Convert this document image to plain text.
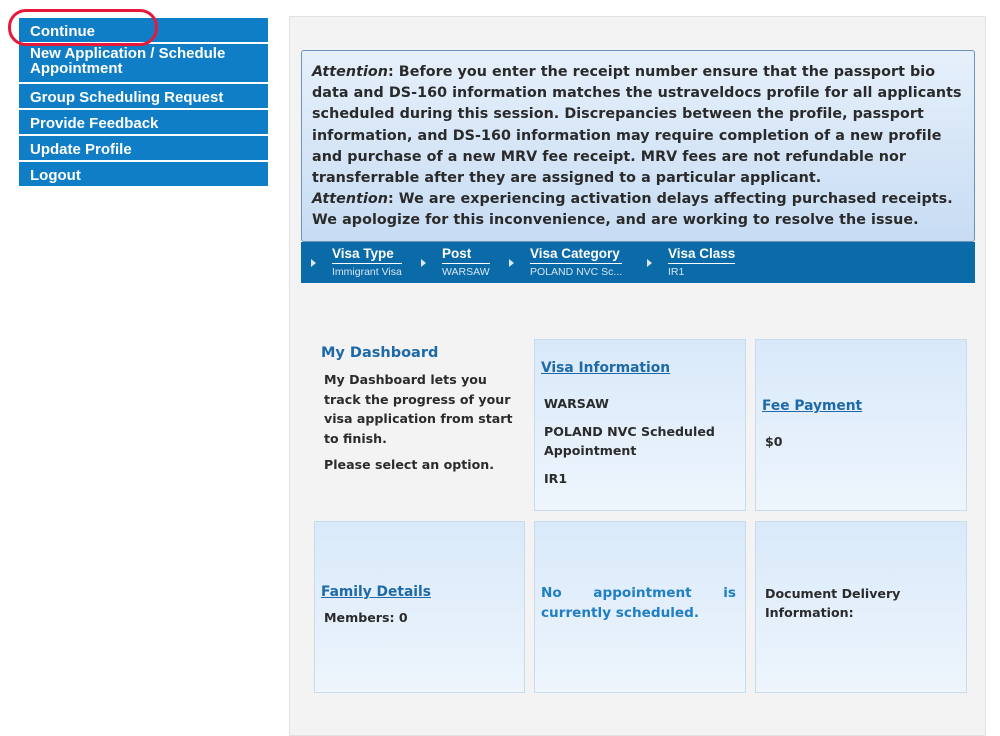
Continue
New Application / Schedule Appointment
Group Scheduling Request
Provide Feedback
Update Profile
Logout
Attention: Before you enter the receipt number ensure that the passport bio data and DS-160 information matches the ustraveldocs profile for all applicants scheduled during this session. Discrepancies between the profile, passport information, and DS-160 information may require completion of a new profile and purchase of a new MRV fee receipt. MRV fees are not refundable nor transferrable after they are assigned to a particular applicant.
Attention: We are experiencing activation delays affecting purchased receipts. We apologize for this inconvenience, and are working to resolve the issue.
Visa Type
Immigrant Visa
Post
WARSAW
Visa Category
POLAND NVC Sc...
Visa Class
IR1
My Dashboard
My Dashboard lets you track the progress of your visa application from start to finish.
Please select an option.
Visa Information
WARSAW
POLAND NVC Scheduled Appointment
IR1
Fee Payment
$0
Family Details
Members: 0
No appointment is currently scheduled.
Document Delivery Information:
